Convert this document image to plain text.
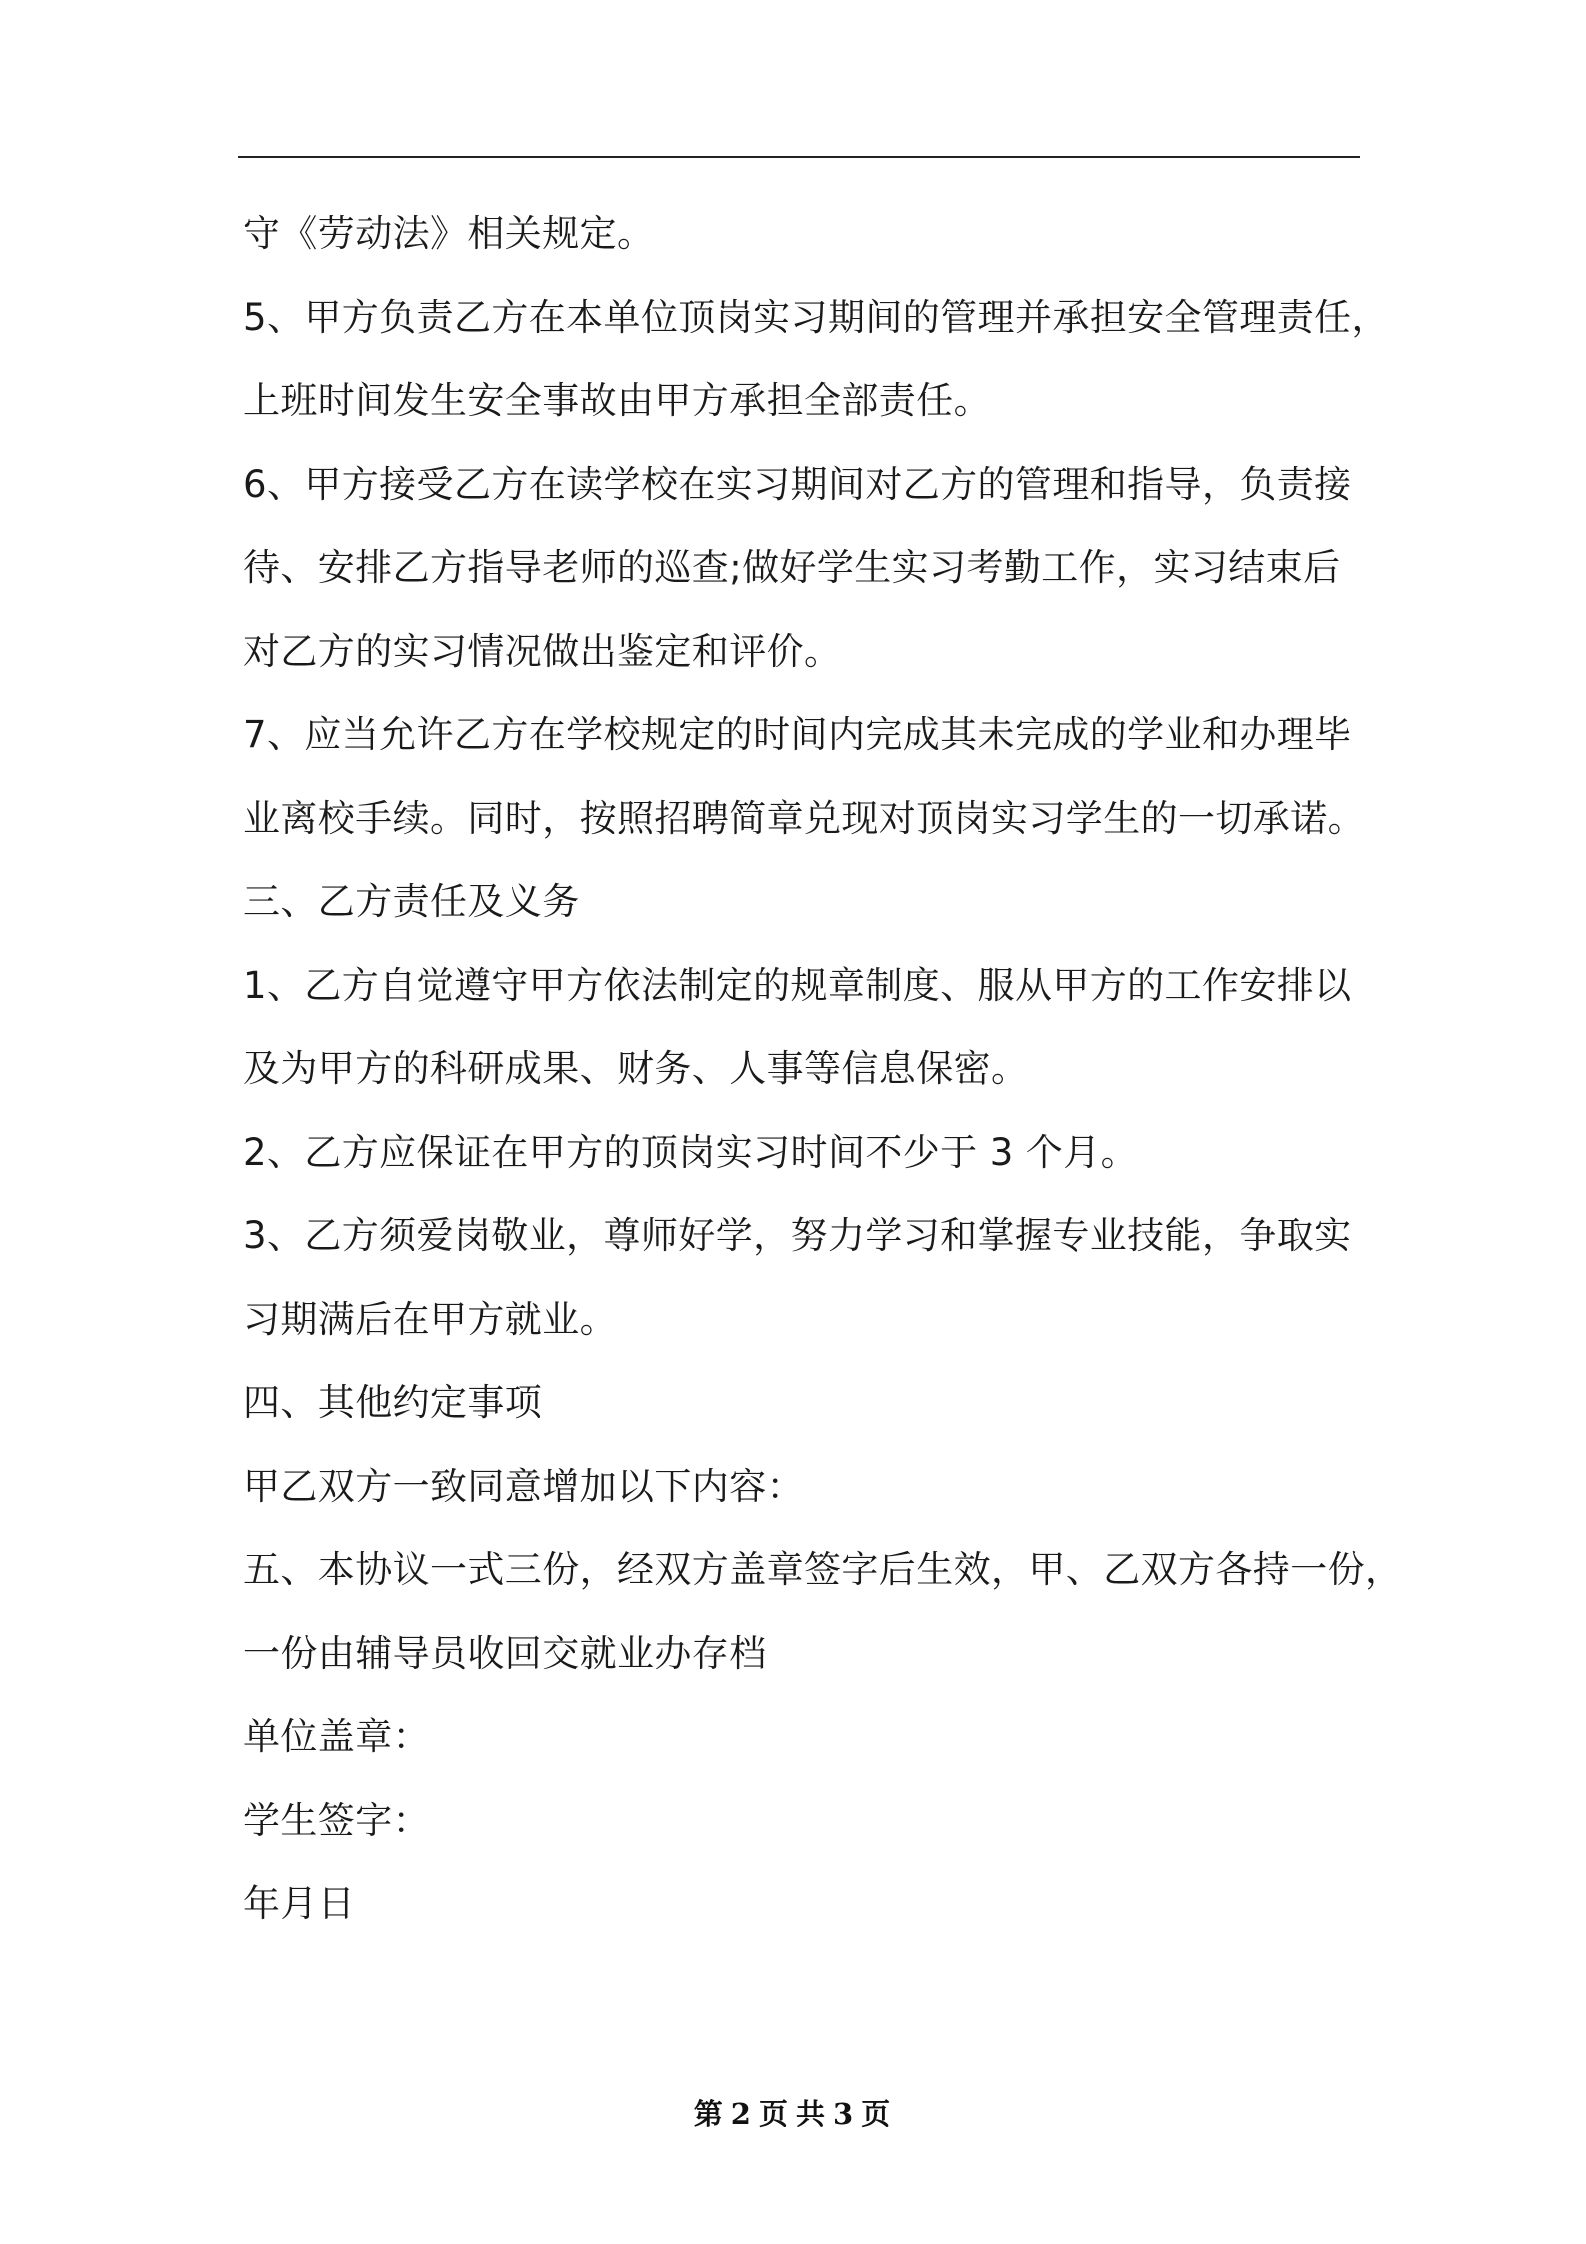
守《劳动法》相关规定。
5、甲方负责乙方在本单位顶岗实习期间的管理并承担安全管理责任，
上班时间发生安全事故由甲方承担全部责任。
6、甲方接受乙方在读学校在实习期间对乙方的管理和指导，负责接
待、安排乙方指导老师的巡查;做好学生实习考勤工作，实习结束后
对乙方的实习情况做出鉴定和评价。
7、应当允许乙方在学校规定的时间内完成其未完成的学业和办理毕
业离校手续。同时，按照招聘简章兑现对顶岗实习学生的一切承诺。
三、乙方责任及义务
1、乙方自觉遵守甲方依法制定的规章制度、服从甲方的工作安排以
及为甲方的科研成果、财务、人事等信息保密。
2、乙方应保证在甲方的顶岗实习时间不少于 3 个月。
3、乙方须爱岗敬业，尊师好学，努力学习和掌握专业技能，争取实
习期满后在甲方就业。
四、其他约定事项
甲乙双方一致同意增加以下内容：
五、本协议一式三份，经双方盖章签字后生效，甲、乙双方各持一份，
一份由辅导员收回交就业办存档
单位盖章：
学生签字：
年月日
第 2 页 共 3 页
